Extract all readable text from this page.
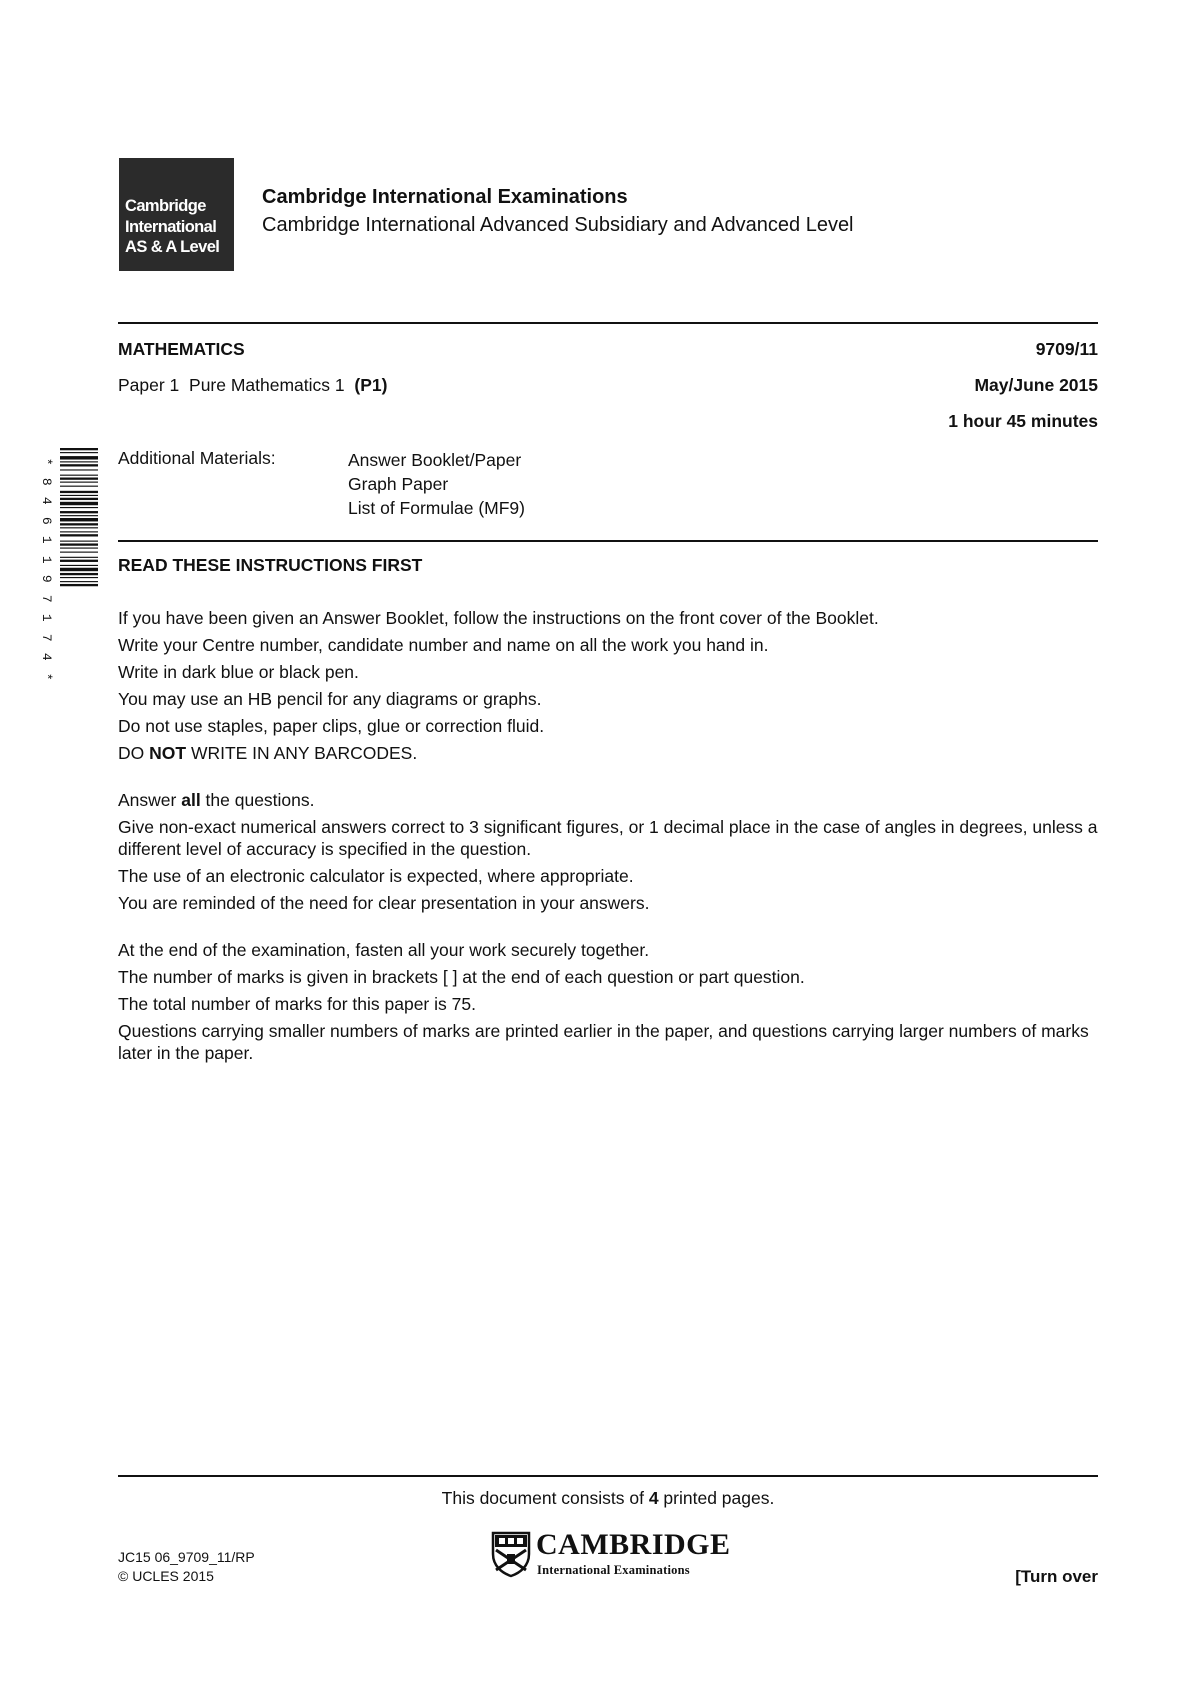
Cambridge
International
AS & A Level
Cambridge International Examinations
Cambridge International Advanced Subsidiary and Advanced Level
MATHEMATICS	9709/11
Paper 1  Pure Mathematics 1  (P1)	May/June 2015
1 hour 45 minutes
Additional Materials:	Answer Booklet/Paper
Graph Paper
List of Formulae (MF9)
*
8
4
6
1
1
9
7
1
7
4
*
READ THESE INSTRUCTIONS FIRST

If you have been given an Answer Booklet, follow the instructions on the front cover of the Booklet.

Write your Centre number, candidate number and name on all the work you hand in.

Write in dark blue or black pen.

You may use an HB pencil for any diagrams or graphs.

Do not use staples, paper clips, glue or correction fluid.

DO NOT WRITE IN ANY BARCODES.

Answer all the questions.

Give non-exact numerical answers correct to 3 significant figures, or 1 decimal place in the case of angles in degrees, unless a different level of accuracy is specified in the question.

The use of an electronic calculator is expected, where appropriate.

You are reminded of the need for clear presentation in your answers.

At the end of the examination, fasten all your work securely together.

The number of marks is given in brackets [ ] at the end of each question or part question.

The total number of marks for this paper is 75.

Questions carrying smaller numbers of marks are printed earlier in the paper, and questions carrying larger numbers of marks later in the paper.

This document consists of 4 printed pages.
JC15 06_9709_11/RP
© UCLES 2015
CAMBRIDGE
International Examinations	[Turn over
